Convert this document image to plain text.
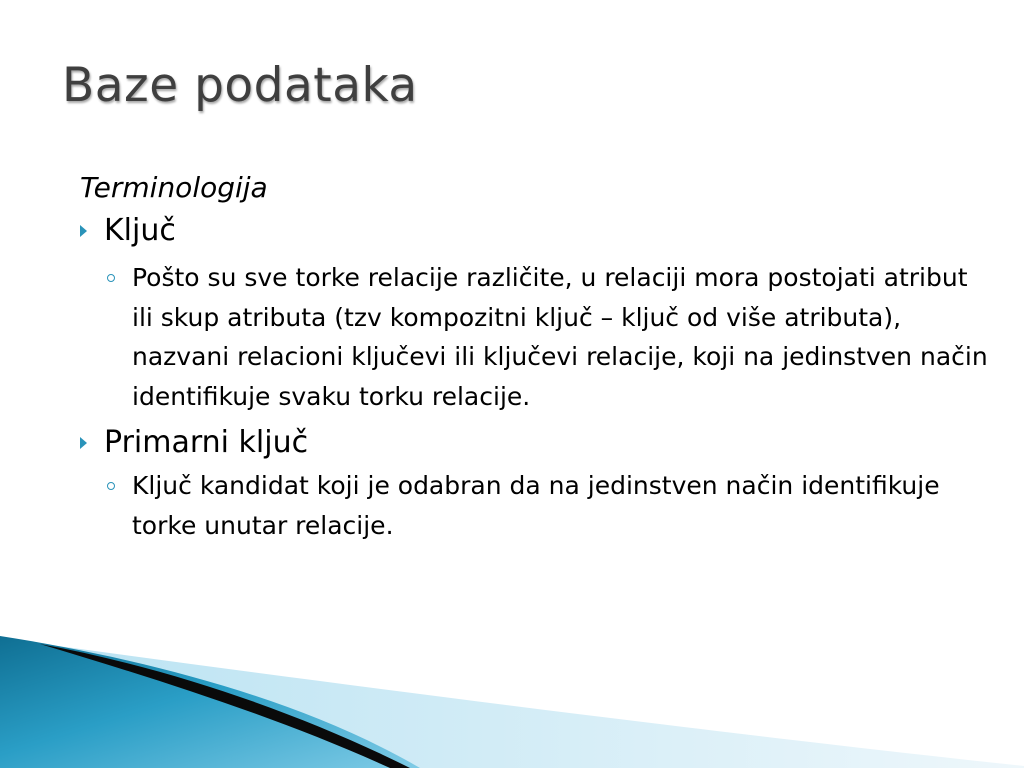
Baze podataka

Terminologija

Ključ

Pošto su sve torke relacije različite, u relaciji mora postojati atribut ili skup atributa (tzv kompozitni ključ – ključ od više atributa), nazvani relacioni ključevi ili ključevi relacije, koji na jedinstven način identifikuje svaku torku relacije.

Primarni ključ

Ključ kandidat koji je odabran da na jedinstven način identifikuje torke unutar relacije.
